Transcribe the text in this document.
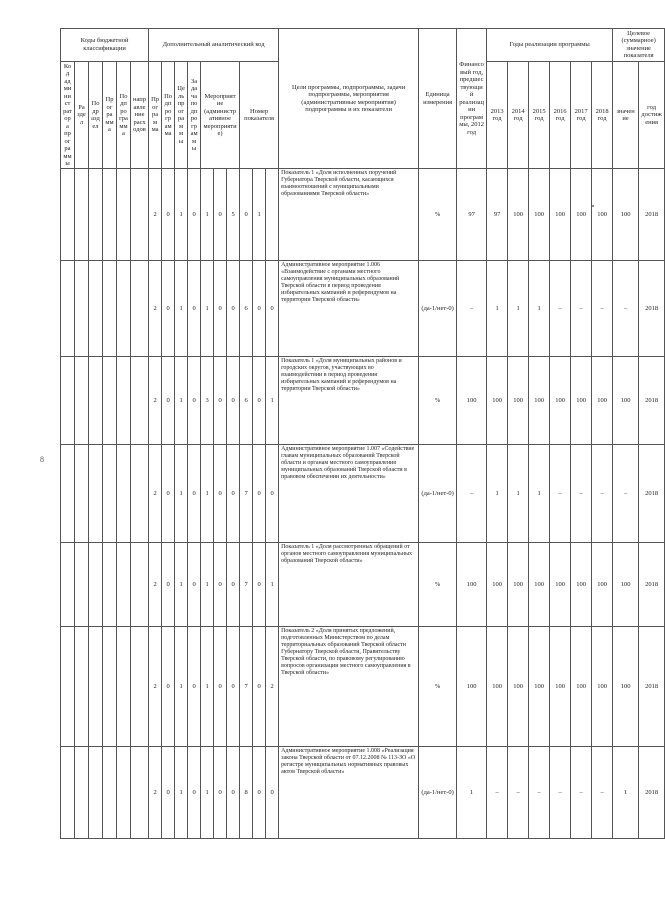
8
Коды бюджетной классификации						Дополнительный аналитический код										Цели программы, подпрограммы, задачи подпрограммы, мероприятия (административные мероприятия) подпрограммы и их показатели	Единица измерения	Финансовый год, предшествующий реализации программы, 2012 год	Годы реализации программы						Целевое (суммарное) значение показателя	
Код администратора программы	Раздел	Подраздел	Программа	Подпрограмма	направление расходов	Программа	Подпрограмма	Цель программы	Задача подпрограммы	Мероприятие (административное мероприятие)			Номер показателя						2013 год	2014 год	2015 год	2016 год	2017 год	2018 год	значение	год достижения
						2	0	1	0	1	0	5	0	1		Показатель 1 «Доля исполненных поручений Губернатора Тверской области, касающихся взаимоотношений с муниципальными образованиями Тверской области»	%	97	97	100	100	100	100	100	100	2018
						2	0	1	0	1	0	0	6	0	0	Административное мероприятие 1.006 «Взаимодействие с органами местного самоуправления муниципальных образований Тверской области в период проведения избирательных кампаний и референдумов на территории Тверской области»	(да-1/нет-0)	–	1	1	1	–	–	–	–	2018
						2	0	1	0	3	0	0	6	0	1	Показатель 1 «Доля муниципальных районов и городских округов, участвующих во взаимодействии в период проведения избирательных кампаний и референдумов на территории Тверской области»	%	100	100	100	100	100	100	100	100	2018
						2	0	1	0	1	0	0	7	0	0	Административное мероприятие 1.007 «Содействие главам муниципальных образований Тверской области и органам местного самоуправления муниципальных образований Тверской области в правовом обеспечении их деятельности»	(да-1/нет-0)	–	1	1	1	–	–	–	–	2018
						2	0	1	0	1	0	0	7	0	1	Показатель 1 «Доля рассмотренных обращений от органов местного самоуправления муниципальных образований Тверской области»	%	100	100	100	100	100	100	100	100	2018
						2	0	1	0	1	0	0	7	0	2	Показатель 2 «Доля принятых предложений, подготовленных Министерством по делам территориальных образований Тверской области Губернатору Тверской области, Правительству Тверской области, по правовому регулированию вопросов организации местного самоуправления в Тверской области»	%	100	100	100	100	100	100	100	100	2018
						2	0	1	0	1	0	0	8	0	0	Административное мероприятие 1.008 «Реализация закона Тверской области от 07.12.2008 № 113-ЗО «О регистре муниципальных нормативных правовых актов Тверской области»	(да-1/нет-0)	1	–	–	–	–	–	–	1	2018
